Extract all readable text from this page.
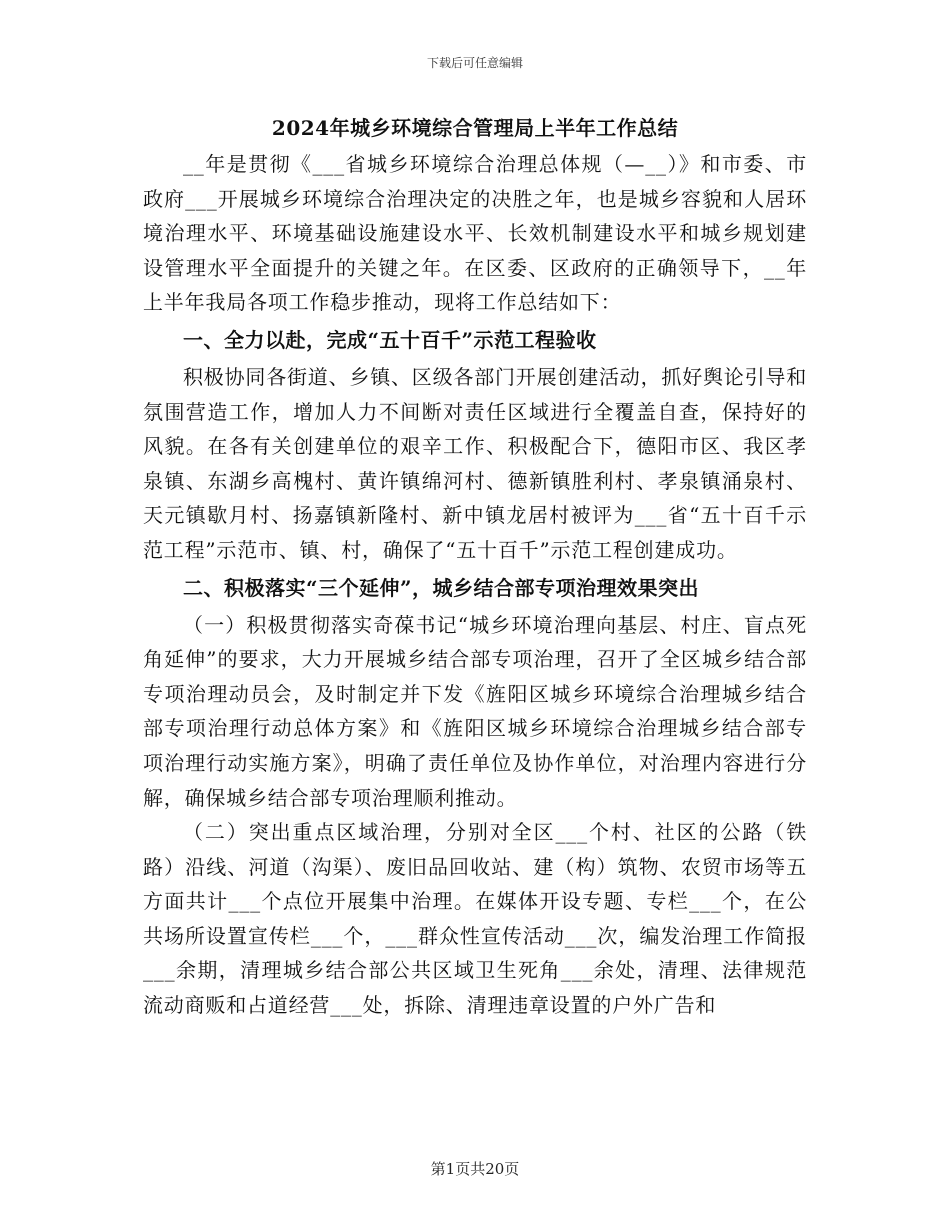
下载后可任意编辑
2024年城乡环境综合管理局上半年工作总结

__年是贯彻《___省城乡环境综合治理总体规（—__）》和市委、市政府___开展城乡环境综合治理决定的决胜之年，也是城乡容貌和人居环境治理水平、环境基础设施建设水平、长效机制建设水平和城乡规划建设管理水平全面提升的关键之年。在区委、区政府的正确领导下，__年上半年我局各项工作稳步推动，现将工作总结如下：

一、全力以赴，完成“五十百千”示范工程验收

积极协同各街道、乡镇、区级各部门开展创建活动，抓好舆论引导和氛围营造工作，增加人力不间断对责任区域进行全覆盖自查，保持好的风貌。在各有关创建单位的艰辛工作、积极配合下，德阳市区、我区孝泉镇、东湖乡高槐村、黄许镇绵河村、德新镇胜利村、孝泉镇涌泉村、天元镇歇月村、扬嘉镇新隆村、新中镇龙居村被评为___省“五十百千示范工程”示范市、镇、村，确保了“五十百千”示范工程创建成功。

二、积极落实“三个延伸”，城乡结合部专项治理效果突出

（一）积极贯彻落实奇葆书记“城乡环境治理向基层、村庄、盲点死角延伸”的要求，大力开展城乡结合部专项治理，召开了全区城乡结合部专项治理动员会，及时制定并下发《旌阳区城乡环境综合治理城乡结合部专项治理行动总体方案》和《旌阳区城乡环境综合治理城乡结合部专项治理行动实施方案》，明确了责任单位及协作单位，对治理内容进行分解，确保城乡结合部专项治理顺利推动。

（二）突出重点区域治理，分别对全区___个村、社区的公路（铁路）沿线、河道（沟渠）、废旧品回收站、建（构）筑物、农贸市场等五方面共计___个点位开展集中治理。在媒体开设专题、专栏___个，在公共场所设置宣传栏___个，___群众性宣传活动___次，编发治理工作简报___余期，清理城乡结合部公共区域卫生死角___余处，清理、法律规范流动商贩和占道经营___处，拆除、清理违章设置的户外广告和

第1页共20页
